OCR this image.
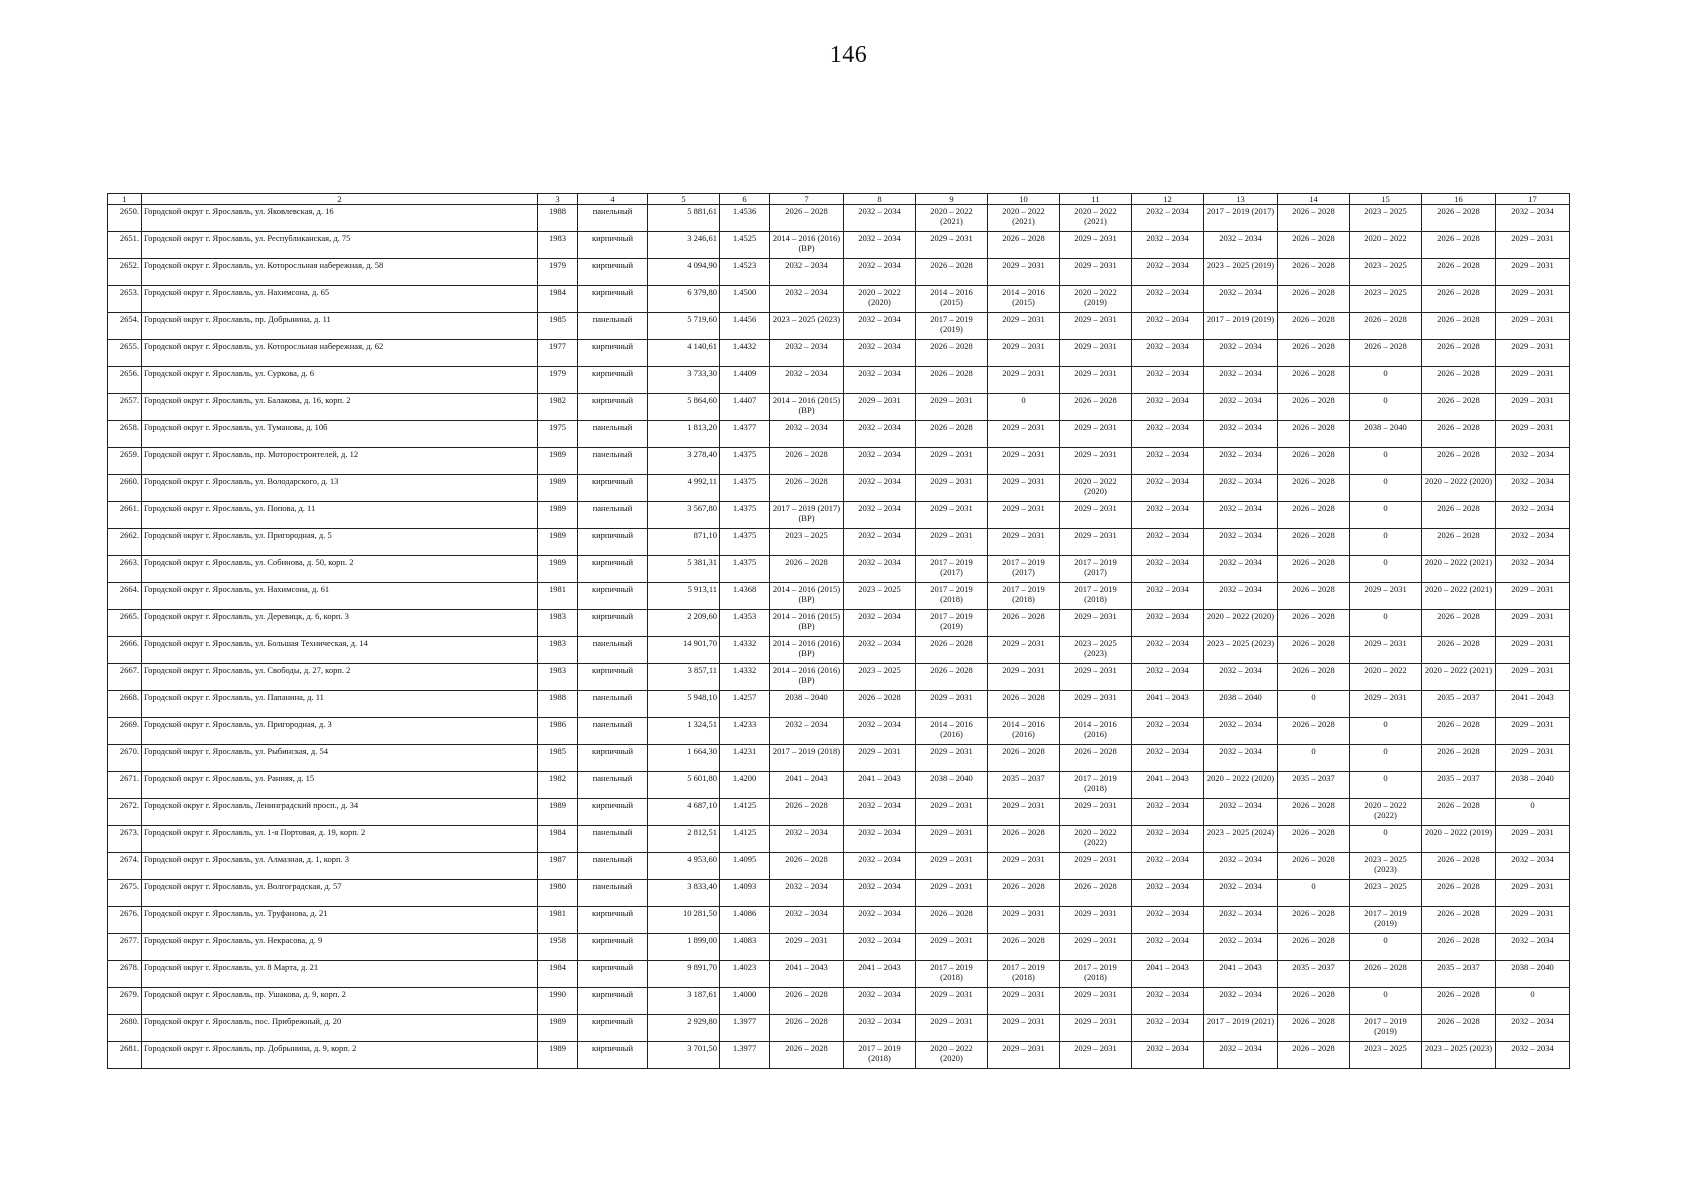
146
1	2	3	4	5	6	7	8	9	10	11	12	13	14	15	16	17
2650.	Городской округ г. Ярославль, ул. Яковлевская, д. 16	1988	панельный	5 881,61	1.4536	2026 – 2028	2032 – 2034	2020 – 2022 (2021)	2020 – 2022 (2021)	2020 – 2022 (2021)	2032 – 2034	2017 – 2019 (2017)	2026 – 2028	2023 – 2025	2026 – 2028	2032 – 2034
2651.	Городской округ г. Ярославль, ул. Республиканская, д. 75	1983	кирпичный	3 246,61	1.4525	2014 – 2016 (2016) (ВР)	2032 – 2034	2029 – 2031	2026 – 2028	2029 – 2031	2032 – 2034	2032 – 2034	2026 – 2028	2020 – 2022	2026 – 2028	2029 – 2031
2652.	Городской округ г. Ярославль, ул. Которосльная набережная, д. 58	1979	кирпичный	4 094,90	1.4523	2032 – 2034	2032 – 2034	2026 – 2028	2029 – 2031	2029 – 2031	2032 – 2034	2023 – 2025 (2019)	2026 – 2028	2023 – 2025	2026 – 2028	2029 – 2031
2653.	Городской округ г. Ярославль, ул. Нахимсона, д. 65	1984	кирпичный	6 379,80	1.4500	2032 – 2034	2020 – 2022 (2020)	2014 – 2016 (2015)	2014 – 2016 (2015)	2020 – 2022 (2019)	2032 – 2034	2032 – 2034	2026 – 2028	2023 – 2025	2026 – 2028	2029 – 2031
2654.	Городской округ г. Ярославль, пр. Добрынина, д. 11	1985	панельный	5 719,60	1.4456	2023 – 2025 (2023)	2032 – 2034	2017 – 2019 (2019)	2029 – 2031	2029 – 2031	2032 – 2034	2017 – 2019 (2019)	2026 – 2028	2026 – 2028	2026 – 2028	2029 – 2031
2655.	Городской округ г. Ярославль, ул. Которосльная набережная, д. 62	1977	кирпичный	4 140,61	1.4432	2032 – 2034	2032 – 2034	2026 – 2028	2029 – 2031	2029 – 2031	2032 – 2034	2032 – 2034	2026 – 2028	2026 – 2028	2026 – 2028	2029 – 2031
2656.	Городской округ г. Ярославль, ул. Суркова, д. 6	1979	кирпичный	3 733,30	1.4409	2032 – 2034	2032 – 2034	2026 – 2028	2029 – 2031	2029 – 2031	2032 – 2034	2032 – 2034	2026 – 2028	0	2026 – 2028	2029 – 2031
2657.	Городской округ г. Ярославль, ул. Балакова, д. 16, корп. 2	1982	кирпичный	5 864,60	1.4407	2014 – 2016 (2015) (ВР)	2029 – 2031	2029 – 2031	0	2026 – 2028	2032 – 2034	2032 – 2034	2026 – 2028	0	2026 – 2028	2029 – 2031
2658.	Городской округ г. Ярославль, ул. Туманова, д. 10б	1975	панельный	1 813,20	1.4377	2032 – 2034	2032 – 2034	2026 – 2028	2029 – 2031	2029 – 2031	2032 – 2034	2032 – 2034	2026 – 2028	2038 – 2040	2026 – 2028	2029 – 2031
2659.	Городской округ г. Ярославль, пр. Моторостроителей, д. 12	1989	панельный	3 278,40	1.4375	2026 – 2028	2032 – 2034	2029 – 2031	2029 – 2031	2029 – 2031	2032 – 2034	2032 – 2034	2026 – 2028	0	2026 – 2028	2032 – 2034
2660.	Городской округ г. Ярославль, ул. Володарского, д. 13	1989	кирпичный	4 992,11	1.4375	2026 – 2028	2032 – 2034	2029 – 2031	2029 – 2031	2020 – 2022 (2020)	2032 – 2034	2032 – 2034	2026 – 2028	0	2020 – 2022 (2020)	2032 – 2034
2661.	Городской округ г. Ярославль, ул. Попова, д. 11	1989	панельный	3 567,80	1.4375	2017 – 2019 (2017) (ВР)	2032 – 2034	2029 – 2031	2029 – 2031	2029 – 2031	2032 – 2034	2032 – 2034	2026 – 2028	0	2026 – 2028	2032 – 2034
2662.	Городской округ г. Ярославль, ул. Пригородная, д. 5	1989	кирпичный	871,10	1.4375	2023 – 2025	2032 – 2034	2029 – 2031	2029 – 2031	2029 – 2031	2032 – 2034	2032 – 2034	2026 – 2028	0	2026 – 2028	2032 – 2034
2663.	Городской округ г. Ярославль, ул. Собинова, д. 50, корп. 2	1989	кирпичный	5 381,31	1.4375	2026 – 2028	2032 – 2034	2017 – 2019 (2017)	2017 – 2019 (2017)	2017 – 2019 (2017)	2032 – 2034	2032 – 2034	2026 – 2028	0	2020 – 2022 (2021)	2032 – 2034
2664.	Городской округ г. Ярославль, ул. Нахимсона, д. 61	1981	кирпичный	5 913,11	1.4368	2014 – 2016 (2015) (ВР)	2023 – 2025	2017 – 2019 (2018)	2017 – 2019 (2018)	2017 – 2019 (2018)	2032 – 2034	2032 – 2034	2026 – 2028	2029 – 2031	2020 – 2022 (2021)	2029 – 2031
2665.	Городской округ г. Ярославль, ул. Деревицк, д. 6, корп. 3	1983	кирпичный	2 209,60	1.4353	2014 – 2016 (2015) (ВР)	2032 – 2034	2017 – 2019 (2019)	2026 – 2028	2029 – 2031	2032 – 2034	2020 – 2022 (2020)	2026 – 2028	0	2026 – 2028	2029 – 2031
2666.	Городской округ г. Ярославль, ул. Большая Техническая, д. 14	1983	панельный	14 901,70	1.4332	2014 – 2016 (2016) (ВР)	2032 – 2034	2026 – 2028	2029 – 2031	2023 – 2025 (2023)	2032 – 2034	2023 – 2025 (2023)	2026 – 2028	2029 – 2031	2026 – 2028	2029 – 2031
2667.	Городской округ г. Ярославль, ул. Свободы, д. 27, корп. 2	1983	кирпичный	3 857,11	1.4332	2014 – 2016 (2016) (ВР)	2023 – 2025	2026 – 2028	2029 – 2031	2029 – 2031	2032 – 2034	2032 – 2034	2026 – 2028	2020 – 2022	2020 – 2022 (2021)	2029 – 2031
2668.	Городской округ г. Ярославль, ул. Папанина, д. 11	1988	панельный	5 948,10	1.4257	2038 – 2040	2026 – 2028	2029 – 2031	2026 – 2028	2029 – 2031	2041 – 2043	2038 – 2040	0	2029 – 2031	2035 – 2037	2041 – 2043
2669.	Городской округ г. Ярославль, ул. Пригородная, д. 3	1986	панельный	1 324,51	1.4233	2032 – 2034	2032 – 2034	2014 – 2016 (2016)	2014 – 2016 (2016)	2014 – 2016 (2016)	2032 – 2034	2032 – 2034	2026 – 2028	0	2026 – 2028	2029 – 2031
2670.	Городской округ г. Ярославль, ул. Рыбинская, д. 54	1985	кирпичный	1 664,30	1.4231	2017 – 2019 (2018)	2029 – 2031	2029 – 2031	2026 – 2028	2026 – 2028	2032 – 2034	2032 – 2034	0	0	2026 – 2028	2029 – 2031
2671.	Городской округ г. Ярославль, ул. Ранняя, д. 15	1982	панельный	5 601,80	1.4200	2041 – 2043	2041 – 2043	2038 – 2040	2035 – 2037	2017 – 2019 (2018)	2041 – 2043	2020 – 2022 (2020)	2035 – 2037	0	2035 – 2037	2038 – 2040
2672.	Городской округ г. Ярославль, Ленинградский просп., д. 34	1989	кирпичный	4 687,10	1.4125	2026 – 2028	2032 – 2034	2029 – 2031	2029 – 2031	2029 – 2031	2032 – 2034	2032 – 2034	2026 – 2028	2020 – 2022 (2022)	2026 – 2028	0
2673.	Городской округ г. Ярославль, ул. 1-я Портовая, д. 19, корп. 2	1984	панельный	2 812,51	1.4125	2032 – 2034	2032 – 2034	2029 – 2031	2026 – 2028	2020 – 2022 (2022)	2032 – 2034	2023 – 2025 (2024)	2026 – 2028	0	2020 – 2022 (2019)	2029 – 2031
2674.	Городской округ г. Ярославль, ул. Алмазная, д. 1, корп. 3	1987	панельный	4 953,60	1.4095	2026 – 2028	2032 – 2034	2029 – 2031	2029 – 2031	2029 – 2031	2032 – 2034	2032 – 2034	2026 – 2028	2023 – 2025 (2023)	2026 – 2028	2032 – 2034
2675.	Городской округ г. Ярославль, ул. Волгоградская, д. 57	1980	панельный	3 833,40	1.4093	2032 – 2034	2032 – 2034	2029 – 2031	2026 – 2028	2026 – 2028	2032 – 2034	2032 – 2034	0	2023 – 2025	2026 – 2028	2029 – 2031
2676.	Городской округ г. Ярославль, ул. Труфанова, д. 21	1981	кирпичный	10 281,50	1.4086	2032 – 2034	2032 – 2034	2026 – 2028	2029 – 2031	2029 – 2031	2032 – 2034	2032 – 2034	2026 – 2028	2017 – 2019 (2019)	2026 – 2028	2029 – 2031
2677.	Городской округ г. Ярославль, ул. Некрасова, д. 9	1958	кирпичный	1 899,00	1.4083	2029 – 2031	2032 – 2034	2029 – 2031	2026 – 2028	2029 – 2031	2032 – 2034	2032 – 2034	2026 – 2028	0	2026 – 2028	2032 – 2034
2678.	Городской округ г. Ярославль, ул. 8 Марта, д. 21	1984	кирпичный	9 891,70	1.4023	2041 – 2043	2041 – 2043	2017 – 2019 (2018)	2017 – 2019 (2018)	2017 – 2019 (2018)	2041 – 2043	2041 – 2043	2035 – 2037	2026 – 2028	2035 – 2037	2038 – 2040
2679.	Городской округ г. Ярославль, пр. Ушакова, д. 9, корп. 2	1990	кирпичный	3 187,61	1.4000	2026 – 2028	2032 – 2034	2029 – 2031	2029 – 2031	2029 – 2031	2032 – 2034	2032 – 2034	2026 – 2028	0	2026 – 2028	0
2680.	Городской округ г. Ярославль, пос. Прибрежный, д. 20	1989	кирпичный	2 929,80	1.3977	2026 – 2028	2032 – 2034	2029 – 2031	2029 – 2031	2029 – 2031	2032 – 2034	2017 – 2019 (2021)	2026 – 2028	2017 – 2019 (2019)	2026 – 2028	2032 – 2034
2681.	Городской округ г. Ярославль, пр. Добрынина, д. 9, корп. 2	1989	кирпичный	3 701,50	1.3977	2026 – 2028	2017 – 2019 (2018)	2020 – 2022 (2020)	2029 – 2031	2029 – 2031	2032 – 2034	2032 – 2034	2026 – 2028	2023 – 2025	2023 – 2025 (2023)	2032 – 2034
